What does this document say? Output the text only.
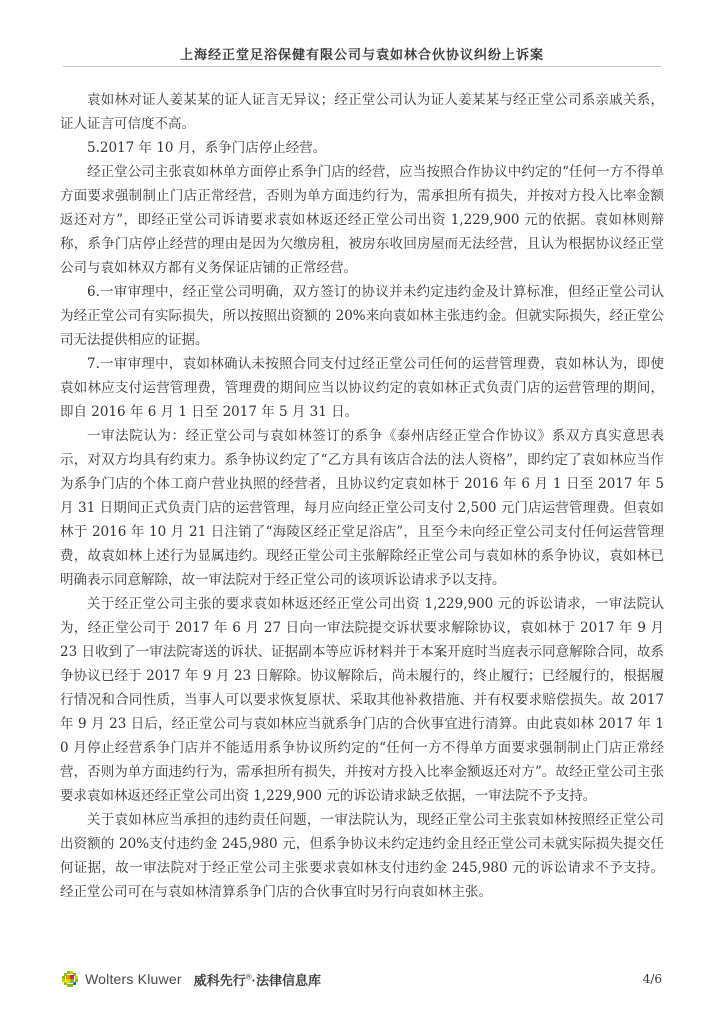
上海经正堂足浴保健有限公司与袁如林合伙协议纠纷上诉案

袁如林对证人姜某某的证人证言无异议；经正堂公司认为证人姜某某与经正堂公司系亲戚关系，证人证言可信度不高。

5.2017 年 10 月，系争门店停止经营。

经正堂公司主张袁如林单方面停止系争门店的经营，应当按照合作协议中约定的“任何一方不得单方面要求强制制止门店正常经营，否则为单方面违约行为，需承担所有损失，并按对方投入比率金额返还对方”，即经正堂公司诉请要求袁如林返还经正堂公司出资 1,229,900 元的依据。袁如林则辩称，系争门店停止经营的理由是因为欠缴房租，被房东收回房屋而无法经营，且认为根据协议经正堂公司与袁如林双方都有义务保证店铺的正常经营。

6.一审审理中，经正堂公司明确，双方签订的协议并未约定违约金及计算标准，但经正堂公司认为经正堂公司有实际损失，所以按照出资额的 20%来向袁如林主张违约金。但就实际损失，经正堂公司无法提供相应的证据。

7.一审审理中，袁如林确认未按照合同支付过经正堂公司任何的运营管理费，袁如林认为，即使袁如林应支付运营管理费，管理费的期间应当以协议约定的袁如林正式负责门店的运营管理的期间，即自 2016 年 6 月 1 日至 2017 年 5 月 31 日。

一审法院认为：经正堂公司与袁如林签订的系争《泰州店经正堂合作协议》系双方真实意思表示，对双方均具有约束力。系争协议约定了“乙方具有该店合法的法人资格”，即约定了袁如林应当作为系争门店的个体工商户营业执照的经营者，且协议约定袁如林于 2016 年 6 月 1 日至 2017 年 5 月 31 日期间正式负责门店的运营管理，每月应向经正堂公司支付 2,500 元门店运营管理费。但袁如林于 2016 年 10 月 21 日注销了“海陵区经正堂足浴店”，且至今未向经正堂公司支付任何运营管理费，故袁如林上述行为显属违约。现经正堂公司主张解除经正堂公司与袁如林的系争协议，袁如林已明确表示同意解除，故一审法院对于经正堂公司的该项诉讼请求予以支持。

关于经正堂公司主张的要求袁如林返还经正堂公司出资 1,229,900 元的诉讼请求，一审法院认为，经正堂公司于 2017 年 6 月 27 日向一审法院提交诉状要求解除协议，袁如林于 2017 年 9 月 23 日收到了一审法院寄送的诉状、证据副本等应诉材料并于本案开庭时当庭表示同意解除合同，故系争协议已经于 2017 年 9 月 23 日解除。协议解除后，尚未履行的，终止履行；已经履行的，根据履行情况和合同性质，当事人可以要求恢复原状、采取其他补救措施、并有权要求赔偿损失。故 2017 年 9 月 23 日后，经正堂公司与袁如林应当就系争门店的合伙事宜进行清算。由此袁如林 2017 年 10 月停止经营系争门店并不能适用系争协议所约定的“任何一方不得单方面要求强制制止门店正常经营，否则为单方面违约行为，需承担所有损失，并按对方投入比率金额返还对方”。故经正堂公司主张要求袁如林返还经正堂公司出资 1,229,900 元的诉讼请求缺乏依据，一审法院不予支持。

关于袁如林应当承担的违约责任问题，一审法院认为，现经正堂公司主张袁如林按照经正堂公司出资额的 20%支付违约金 245,980 元，但系争协议未约定违约金且经正堂公司未就实际损失提交任何证据，故一审法院对于经正堂公司主张要求袁如林支付违约金 245,980 元的诉讼请求不予支持。经正堂公司可在与袁如林清算系争门店的合伙事宜时另行向袁如林主张。

Wolters Kluwer 威科先行®·法律信息库	4/6
